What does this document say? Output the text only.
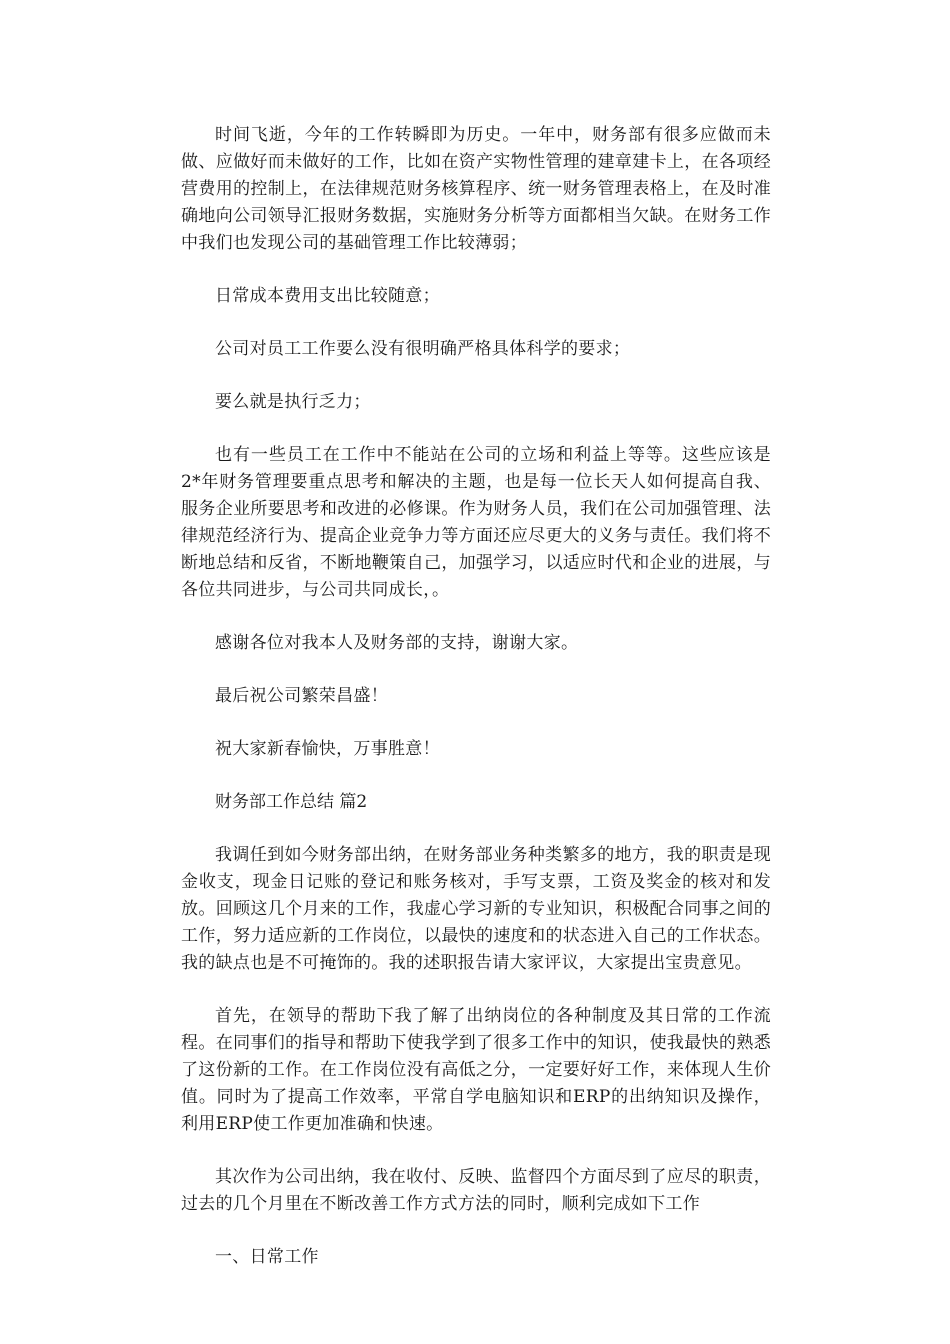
时间飞逝，今年的工作转瞬即为历史。一年中，财务部有很多应做而未做、应做好而未做好的工作，比如在资产实物性管理的建章建卡上，在各项经营费用的控制上，在法律规范财务核算程序、统一财务管理表格上，在及时准确地向公司领导汇报财务数据，实施财务分析等方面都相当欠缺。在财务工作中我们也发现公司的基础管理工作比较薄弱；

日常成本费用支出比较随意；

公司对员工工作要么没有很明确严格具体科学的要求；

要么就是执行乏力；

也有一些员工在工作中不能站在公司的立场和利益上等等。这些应该是2*年财务管理要重点思考和解决的主题，也是每一位长天人如何提高自我、服务企业所要思考和改进的必修课。作为财务人员，我们在公司加强管理、法律规范经济行为、提高企业竞争力等方面还应尽更大的义务与责任。我们将不断地总结和反省，不断地鞭策自己，加强学习，以适应时代和企业的进展，与各位共同进步，与公司共同成长，。

感谢各位对我本人及财务部的支持，谢谢大家。

最后祝公司繁荣昌盛！

祝大家新春愉快，万事胜意！

财务部工作总结 篇2

我调任到如今财务部出纳，在财务部业务种类繁多的地方，我的职责是现金收支，现金日记账的登记和账务核对，手写支票，工资及奖金的核对和发放。回顾这几个月来的工作，我虚心学习新的专业知识，积极配合同事之间的工作，努力适应新的工作岗位，以最快的速度和的状态进入自己的工作状态。我的缺点也是不可掩饰的。我的述职报告请大家评议，大家提出宝贵意见。

首先，在领导的帮助下我了解了出纳岗位的各种制度及其日常的工作流程。在同事们的指导和帮助下使我学到了很多工作中的知识，使我最快的熟悉了这份新的工作。在工作岗位没有高低之分，一定要好好工作，来体现人生价值。同时为了提高工作效率，平常自学电脑知识和ERP的出纳知识及操作，利用ERP使工作更加准确和快速。

其次作为公司出纳，我在收付、反映、监督四个方面尽到了应尽的职责，过去的几个月里在不断改善工作方式方法的同时，顺利完成如下工作

一、日常工作
